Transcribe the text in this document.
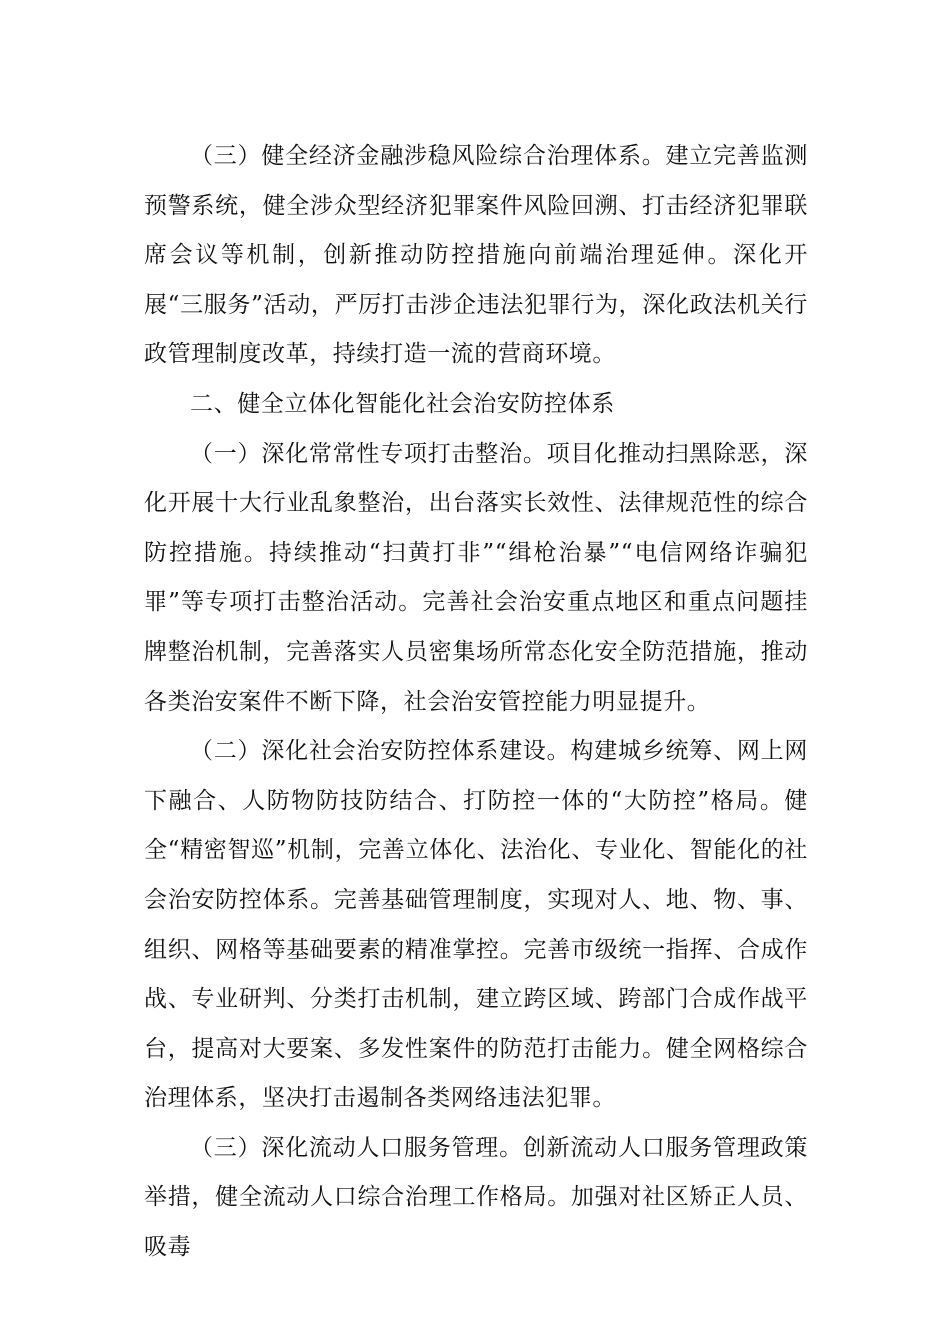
（三）健全经济金融涉稳风险综合治理体系。建立完善监测预警系统，健全涉众型经济犯罪案件风险回溯、打击经济犯罪联席会议等机制，创新推动防控措施向前端治理延伸。深化开展“三服务”活动，严厉打击涉企违法犯罪行为，深化政法机关行政管理制度改革，持续打造一流的营商环境。

二、健全立体化智能化社会治安防控体系

（一）深化常常性专项打击整治。项目化推动扫黑除恶，深化开展十大行业乱象整治，出台落实长效性、法律规范性的综合防控措施。持续推动“扫黄打非”“缉枪治暴”“电信网络诈骗犯罪”等专项打击整治活动。完善社会治安重点地区和重点问题挂牌整治机制，完善落实人员密集场所常态化安全防范措施，推动各类治安案件不断下降，社会治安管控能力明显提升。

（二）深化社会治安防控体系建设。构建城乡统筹、网上网下融合、人防物防技防结合、打防控一体的“大防控”格局。健全“精密智巡”机制，完善立体化、法治化、专业化、智能化的社会治安防控体系。完善基础管理制度，实现对人、地、物、事、组织、网格等基础要素的精准掌控。完善市级统一指挥、合成作战、专业研判、分类打击机制，建立跨区域、跨部门合成作战平台，提高对大要案、多发性案件的防范打击能力。健全网格综合治理体系，坚决打击遏制各类网络违法犯罪。

（三）深化流动人口服务管理。创新流动人口服务管理政策举措，健全流动人口综合治理工作格局。加强对社区矫正人员、吸毒
